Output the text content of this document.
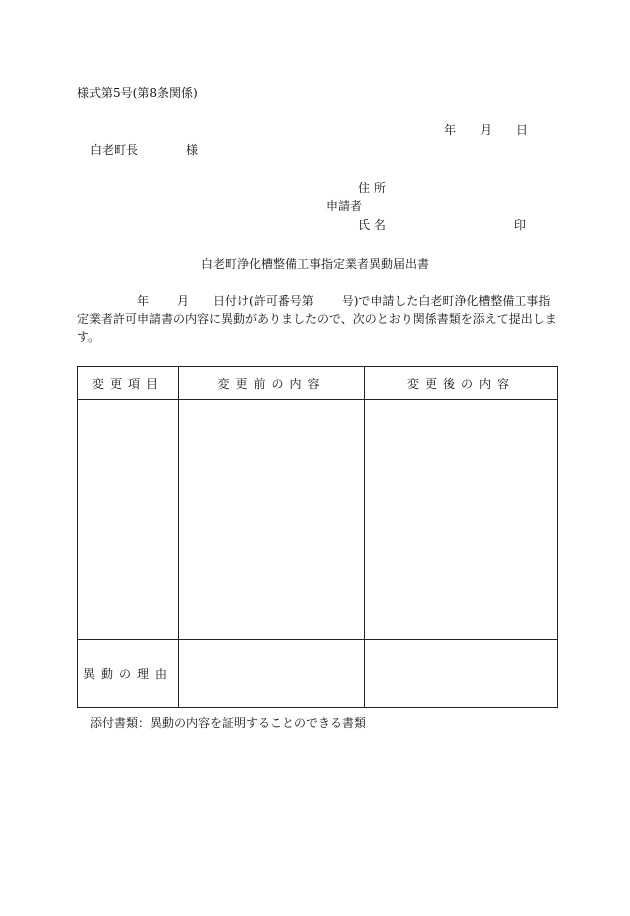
様式第5号(第8条関係)
年 月 日
白老町長	様
住 所
申請者
氏 名	印
白老町浄化槽整備工事指定業者異動届出書
年 月 日付け(許可番号第 号)で申請した白老町浄化槽整備工事指定業者許可申請書の内容に異動がありましたので、次のとおり関係書類を添えて提出します。
変更項目	変更前の内容	変更後の内容

異動の理由		
添付書類：異動の内容を証明することのできる書類
